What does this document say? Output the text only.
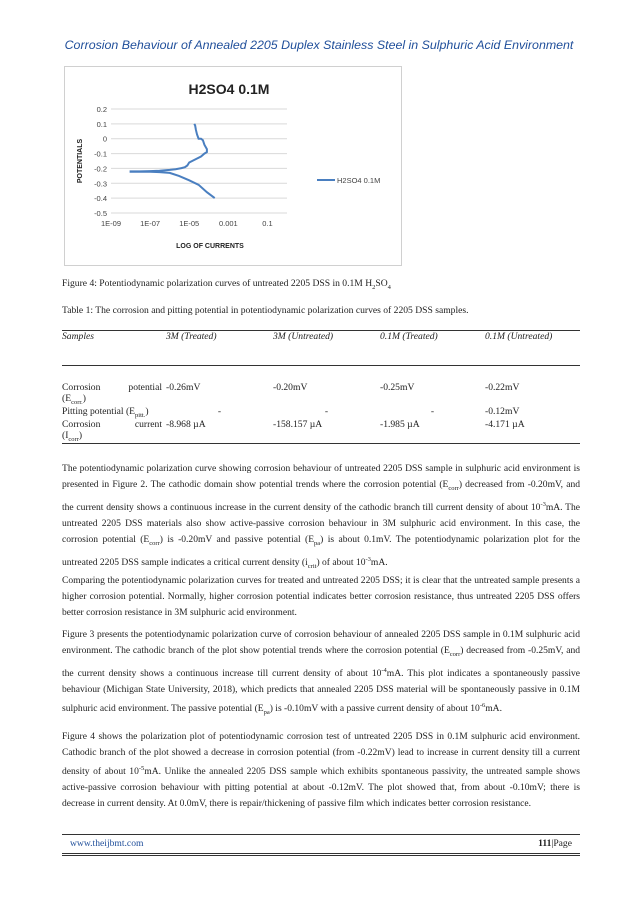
Corrosion Behaviour of Annealed 2205 Duplex Stainless Steel in Sulphuric Acid Environment
H2SO4 0.1M
POTENTIALS
LOG OF CURRENTS
0.2
0.1
0
-0.1
-0.2
-0.3
-0.4
-0.5
1E-09	1E-07	1E-05	0.001	0.1
H2SO4 0.1M
Figure 4: Potentiodynamic polarization curves of untreated 2205 DSS in 0.1M $H_2SO_4$
Table 1: The corrosion and pitting potential in potentiodynamic polarization curves of 2205 DSS samples.
Samples	3M (Treated)	3M (Untreated)	0.1M (Treated)	0.1M (Untreated)

Corrosion potential
$(E_{corr.})$	-0.26mV	-0.20mV	-0.25mV	-0.22mV
Pitting potential $(E_{pitt.})$	-	-	-	-0.12mV

Corrosion current
$(I_{corr})$	-8.968 µA	-158.157 µA	-1.985 µA	-4.171 µA
The potentiodynamic polarization curve showing corrosion behaviour of untreated 2205 DSS sample in sulphuric acid environment is presented in Figure 2. The cathodic domain show potential trends where the corrosion potential $(E_{corr})$ decreased from -0.20mV, and the current density shows a continuous increase in the current density of the cathodic branch till current density of about $10^{-3}mA$. The untreated 2205 DSS materials also show active-passive corrosion behaviour in 3M sulphuric acid environment. In this case, the corrosion potential $(E_{corr})$ is -0.20mV and passive potential $(E_{pa})$ is about 0.1mV. The potentiodynamic polarization plot for the untreated 2205 DSS sample indicates a critical current density $(i_{crit})$ of about $10^{-3}mA$.
Comparing the potentiodynamic polarization curves for treated and untreated 2205 DSS; it is clear that the untreated sample presents a higher corrosion potential. Normally, higher corrosion potential indicates better corrosion resistance, thus untreated 2205 DSS offers better corrosion resistance in 3M sulphuric acid environment.
Figure 3 presents the potentiodynamic polarization curve of corrosion behaviour of annealed 2205 DSS sample in 0.1M sulphuric acid environment. The cathodic branch of the plot show potential trends where the corrosion potential $(E_{corr})$ decreased from -0.25mV, and the current density shows a continuous increase till current density of about $10^{-4}mA$. This plot indicates a spontaneously passive behaviour (Michigan State University, 2018), which predicts that annealed 2205 DSS material will be spontaneously passive in 0.1M sulphuric acid environment. The passive potential $(E_{pa})$ is -0.10mV with a passive current density of about $10^{-6}mA$.
Figure 4 shows the polarization plot of potentiodynamic corrosion test of untreated 2205 DSS in 0.1M sulphuric acid environment. Cathodic branch of the plot showed a decrease in corrosion potential (from -0.22mV) lead to increase in current density till a current density of about $10^{-5}mA$. Unlike the annealed 2205 DSS sample which exhibits spontaneous passivity, the untreated sample shows active-passive corrosion behaviour with pitting potential at about -0.12mV. The plot showed that, from about -0.10mV; there is decrease in current density. At 0.0mV, there is repair/thickening of passive film which indicates better corrosion resistance.
www.theijbmt.com	111|Page
